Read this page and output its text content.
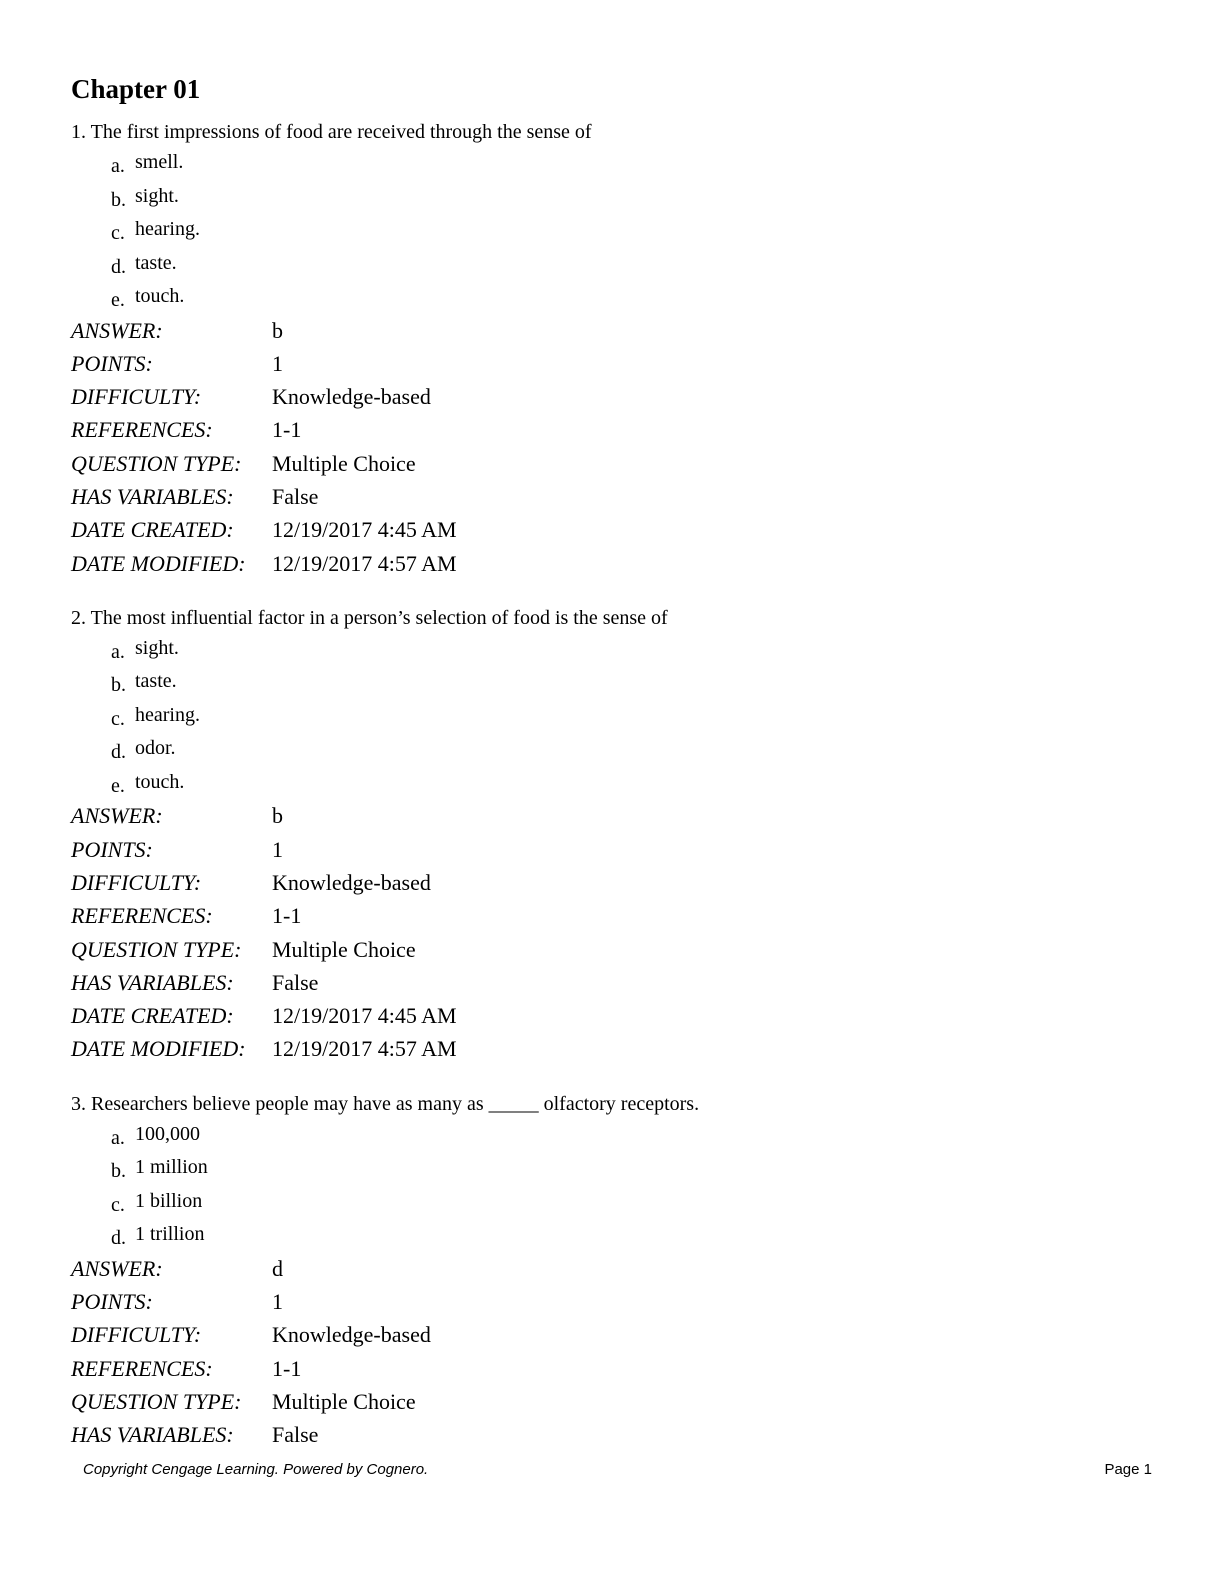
Chapter 01
1. The first impressions of food are received through the sense of
a. smell.
b. sight.
c. hearing.
d. taste.
e. touch.
ANSWER:	b
POINTS:	1
DIFFICULTY:	Knowledge-based
REFERENCES:	1-1
QUESTION TYPE:	Multiple Choice
HAS VARIABLES:	False
DATE CREATED:	12/19/2017 4:45 AM
DATE MODIFIED:	12/19/2017 4:57 AM
2. The most influential factor in a person’s selection of food is the sense of
a. sight.
b. taste.
c. hearing.
d. odor.
e. touch.
ANSWER:	b
POINTS:	1
DIFFICULTY:	Knowledge-based
REFERENCES:	1-1
QUESTION TYPE:	Multiple Choice
HAS VARIABLES:	False
DATE CREATED:	12/19/2017 4:45 AM
DATE MODIFIED:	12/19/2017 4:57 AM
3. Researchers believe people may have as many as _____ olfactory receptors.
a. 100,000
b. 1 million
c. 1 billion
d. 1 trillion
ANSWER:	d
POINTS:	1
DIFFICULTY:	Knowledge-based
REFERENCES:	1-1
QUESTION TYPE:	Multiple Choice
HAS VARIABLES:	False
Copyright Cengage Learning. Powered by Cognero.	Page 1
